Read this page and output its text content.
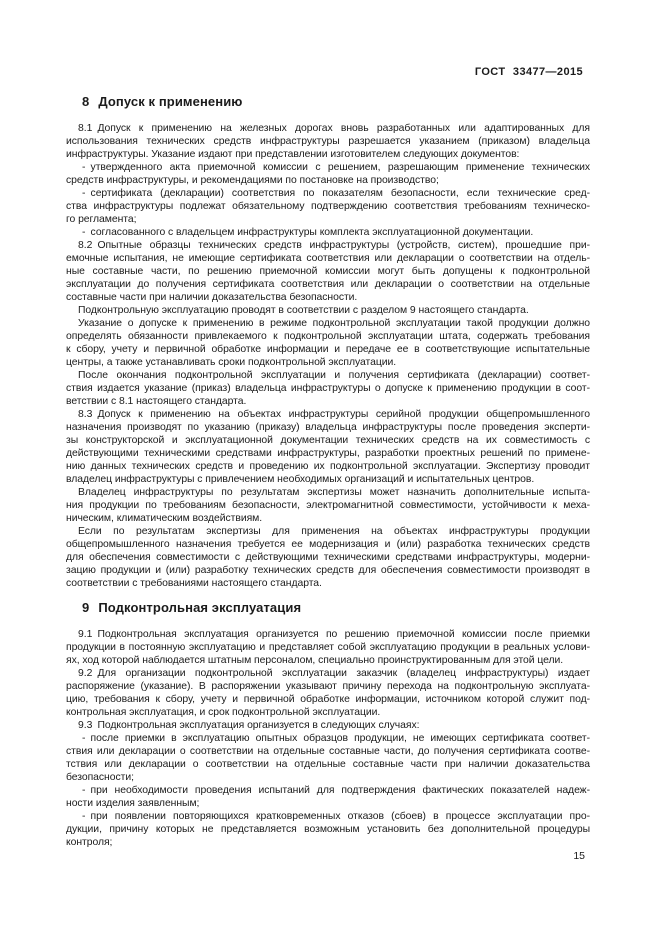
ГОСТ 33477—2015
8 Допуск к применению
8.1 Допуск к применению на железных дорогах вновь разработанных или адаптированных для
использования технических средств инфраструктуры разрешается указанием (приказом) владельца
инфраструктуры. Указание издают при представлении изготовителем следующих документов:
- утвержденного акта приемочной комиссии с решением, разрешающим применение технических
средств инфраструктуры, и рекомендациями по постановке на производство;
- сертификата (декларации) соответствия по показателям безопасности, если технические сред-
ства инфраструктуры подлежат обязательному подтверждению соответствия требованиям техническо-
го регламента;
- согласованного с владельцем инфраструктуры комплекта эксплуатационной документации.
8.2 Опытные образцы технических средств инфраструктуры (устройств, систем), прошедшие при-
емочные испытания, не имеющие сертификата соответствия или декларации о соответствии на отдель-
ные составные части, по решению приемочной комиссии могут быть допущены к подконтрольной
эксплуатации до получения сертификата соответствия или декларации о соответствии на отдельные
составные части при наличии доказательства безопасности.
Подконтрольную эксплуатацию проводят в соответствии с разделом 9 настоящего стандарта.
Указание о допуске к применению в режиме подконтрольной эксплуатации такой продукции должно
определять обязанности привлекаемого к подконтрольной эксплуатации штата, содержать требования
к сбору, учету и первичной обработке информации и передаче ее в соответствующие испытательные
центры, а также устанавливать сроки подконтрольной эксплуатации.
После окончания подконтрольной эксплуатации и получения сертификата (декларации) соответ-
ствия издается указание (приказ) владельца инфраструктуры о допуске к применению продукции в соот-
ветствии с 8.1 настоящего стандарта.
8.3 Допуск к применению на объектах инфраструктуры серийной продукции общепромышленного
назначения производят по указанию (приказу) владельца инфраструктуры после проведения эксперти-
зы конструкторской и эксплуатационной документации технических средств на их совместимость с
действующими техническими средствами инфраструктуры, разработки проектных решений по примене-
нию данных технических средств и проведению их подконтрольной эксплуатации. Экспертизу проводит
владелец инфраструктуры с привлечением необходимых организаций и испытательных центров.
Владелец инфраструктуры по результатам экспертизы может назначить дополнительные испыта-
ния продукции по требованиям безопасности, электромагнитной совместимости, устойчивости к меха-
ническим, климатическим воздействиям.
Если по результатам экспертизы для применения на объектах инфраструктуры продукции
общепромышленного назначения требуется ее модернизация и (или) разработка технических средств
для обеспечения совместимости с действующими техническими средствами инфраструктуры, модерни-
зацию продукции и (или) разработку технических средств для обеспечения совместимости производят в
соответствии с требованиями настоящего стандарта.
9 Подконтрольная эксплуатация
9.1 Подконтрольная эксплуатация организуется по решению приемочной комиссии после приемки
продукции в постоянную эксплуатацию и представляет собой эксплуатацию продукции в реальных услови-
ях, ход которой наблюдается штатным персоналом, специально проинструктированным для этой цели.
9.2 Для организации подконтрольной эксплуатации заказчик (владелец инфраструктуры) издает
распоряжение (указание). В распоряжении указывают причину перехода на подконтрольную эксплуата-
цию, требования к сбору, учету и первичной обработке информации, источником которой служит под-
контрольная эксплуатация, и срок подконтрольной эксплуатации.
9.3 Подконтрольная эксплуатация организуется в следующих случаях:
- после приемки в эксплуатацию опытных образцов продукции, не имеющих сертификата соответ-
ствия или декларации о соответствии на отдельные составные части, до получения сертификата соотве-
тствия или декларации о соответствии на отдельные составные части при наличии доказательства
безопасности;
- при необходимости проведения испытаний для подтверждения фактических показателей надеж-
ности изделия заявленным;
- при появлении повторяющихся кратковременных отказов (сбоев) в процессе эксплуатации про-
дукции, причину которых не представляется возможным установить без дополнительной процедуры
контроля;
15
